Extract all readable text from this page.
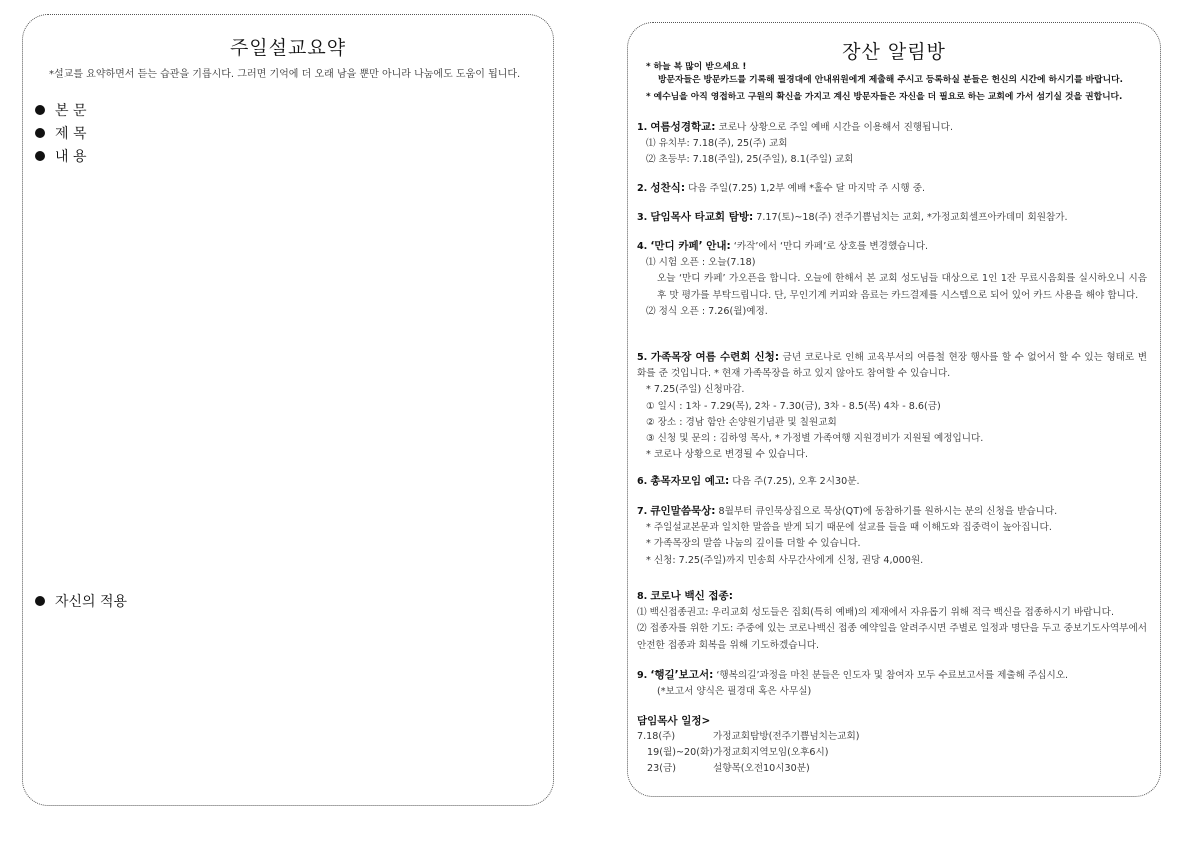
주일설교요약
*설교를 요약하면서 듣는 습관을 기릅시다. 그러면 기억에 더 오래 남을 뿐만 아니라 나눔에도 도움이 됩니다.
본 문
제 목
내 용
자신의 적용
장산 알림방
* 하늘 복 많이 받으세요 !
방문자들은 방문카드를 기록해 필경대에 안내위원에게 제출해 주시고 등록하실 분들은 헌신의 시간에 하시기를 바랍니다.
* 예수님을 아직 영접하고 구원의 확신을 가지고 계신 방문자들은 자신을 더 필요로 하는 교회에 가서 섬기실 것을 권합니다.
1. 여름성경학교: 코로나 상황으로 주일 예배 시간을 이용해서 진행됩니다.
⑴ 유치부: 7.18(주), 25(주) 교회
⑵ 초등부: 7.18(주일), 25(주일), 8.1(주일) 교회
2. 성찬식: 다음 주일(7.25) 1,2부 예배 *홀수 달 마지막 주 시행 중.
3. 담임목사 타교회 탐방: 7.17(토)~18(주) 전주기쁨넘치는 교회, *가정교회셀프아카데미 회원참가.
4. ‘만디 카페’ 안내: ‘카작’에서 ‘만디 카페’로 상호를 변경했습니다.
⑴ 시험 오픈 : 오늘(7.18)
오늘 ‘만디 카페’ 가오픈을 합니다. 오늘에 한해서 본 교회 성도님들 대상으로 1인 1잔 무료시음회를 실시하오니 시음 후 맛 평가를 부탁드립니다. 단, 무인기계 커피와 음료는 카드결제를 시스템으로 되어 있어 카드 사용을 해야 합니다.
⑵ 정식 오픈 : 7.26(월)예정.
5. 가족목장 여름 수련회 신청: 금년 코로나로 인해 교육부서의 여름철 현장 행사를 할 수 없어서 할 수 있는 형태로 변화를 준 것입니다. * 현재 가족목장을 하고 있지 않아도 참여할 수 있습니다.
* 7.25(주일) 신청마감.
① 일시 : 1차 - 7.29(목), 2차 - 7.30(금), 3차 - 8.5(목) 4차 - 8.6(금)
② 장소 : 경남 함안 손양원기념관 및 칠원교회
③ 신청 및 문의 : 김하영 목사, * 가정별 가족여행 지원경비가 지원될 예정입니다.
* 코로나 상황으로 변경될 수 있습니다.
6. 총목자모임 예고: 다음 주(7.25), 오후 2시30분.
7. 큐인말씀묵상: 8월부터 큐인묵상집으로 묵상(QT)에 동참하기를 원하시는 분의 신청을 받습니다.
* 주일설교본문과 일치한 말씀을 받게 되기 때문에 설교를 들을 때 이해도와 집중력이 높아집니다.
* 가족목장의 말씀 나눔의 깊이를 더할 수 있습니다.
* 신청: 7.25(주일)까지 민송희 사무간사에게 신청, 권당 4,000원.
8. 코로나 백신 접종:
⑴ 백신접종권고: 우리교회 성도들은 집회(특히 예배)의 제재에서 자유롭기 위해 적극 백신을 접종하시기 바랍니다.
⑵ 접종자를 위한 기도: 주중에 있는 코로나백신 접종 예약일을 알려주시면 주별로 일정과 명단을 두고 중보기도사역부에서 안전한 접종과 회복을 위해 기도하겠습니다.
9. ‘행길’보고서: ‘행복의길’과정을 마친 분들은 인도자 및 참여자 모두 수료보고서를 제출해 주십시오.
(*보고서 양식은 필경대 혹은 사무실)
담임목사 일정>
7.18(주)	가정교회탐방(전주기쁨넘치는교회)
19(월)~20(화)가정교회지역모임(오후6시)
23(금)	설향목(오전10시30분)
